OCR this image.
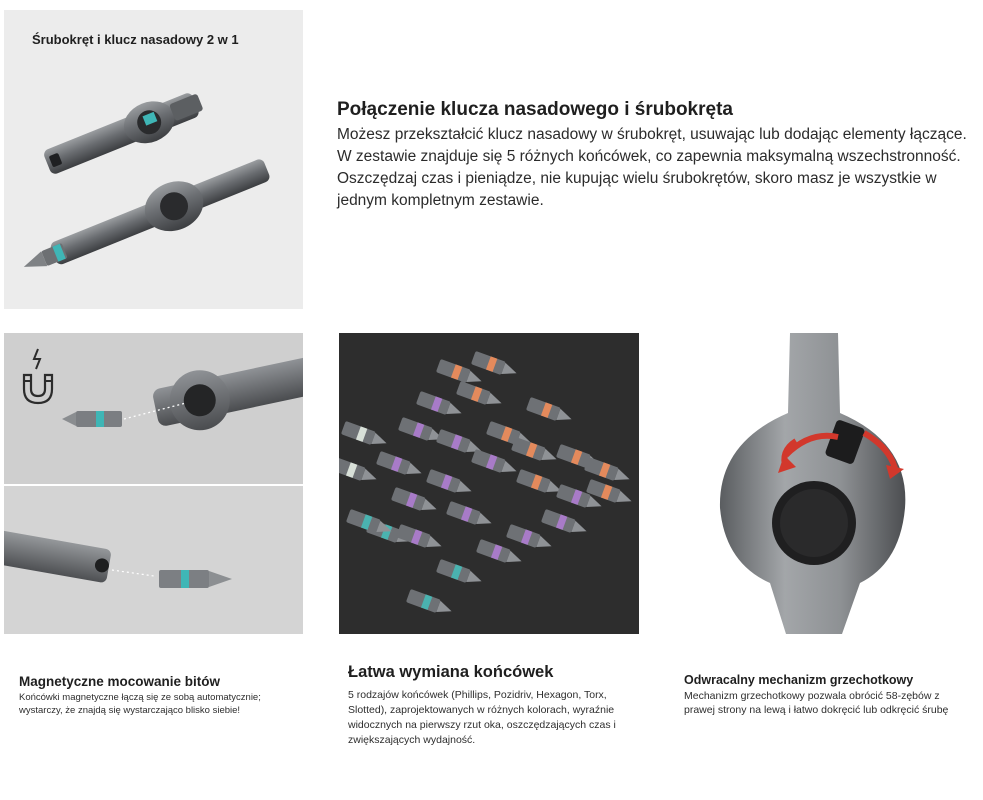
Śrubokręt i klucz nasadowy 2 w 1
Połączenie klucza nasadowego i śrubokręta

Możesz przekształcić klucz nasadowy w śrubokręt, usuwając lub dodając elementy łączące. W zestawie znajduje się 5 różnych końcówek, co zapewnia maksymalną wszechstronność. Oszczędzaj czas i pieniądze, nie kupując wielu śrubokrętów, skoro masz je wszystkie w jednym kompletnym zestawie.

Magnetyczne mocowanie bitów

Końcówki magnetyczne łączą się ze sobą automatycznie; wystarczy, że znajdą się wystarczająco blisko siebie!

Łatwa wymiana końcówek

5 rodzajów końcówek (Phillips, Pozidriv, Hexagon, Torx, Slotted), zaprojektowanych w różnych kolorach, wyraźnie widocznych na pierwszy rzut oka, oszczędzających czas i zwiększających wydajność.

Odwracalny mechanizm grzechotkowy

Mechanizm grzechotkowy pozwala obrócić 58-zębów z prawej strony na lewą i łatwo dokręcić lub odkręcić śrubę
